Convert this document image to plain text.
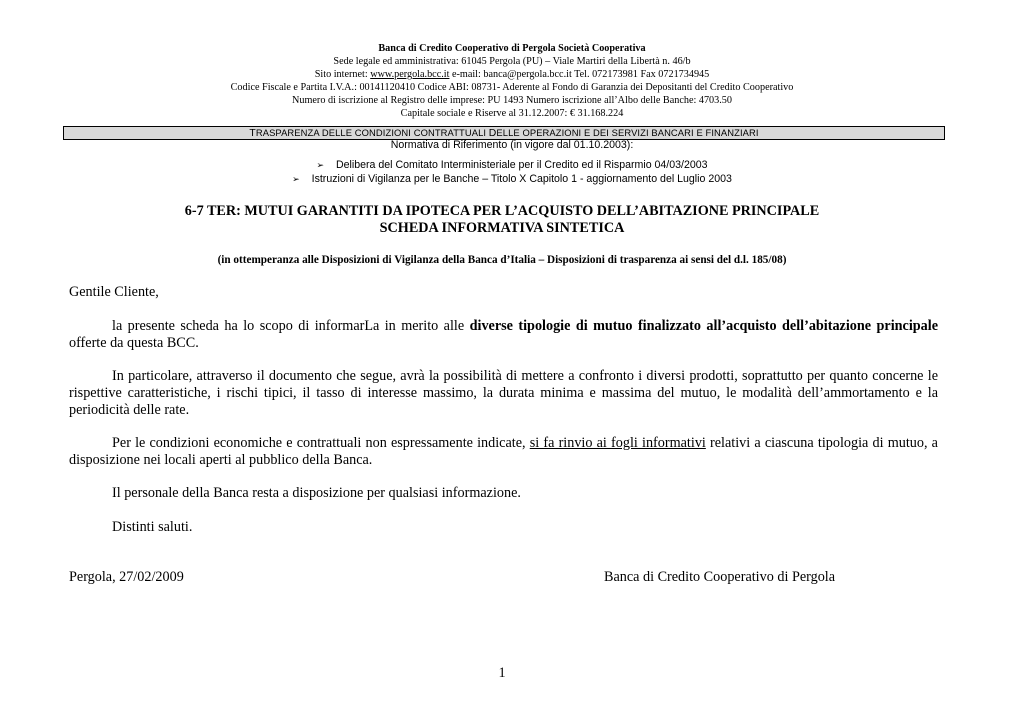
Banca di Credito Cooperativo di Pergola Società Cooperativa
Sede legale ed amministrativa: 61045 Pergola (PU) – Viale Martiri della Libertà n. 46/b
Sito internet: www.pergola.bcc.it e-mail: banca@pergola.bcc.it Tel. 072173981 Fax 0721734945
Codice Fiscale e Partita I.V.A.: 00141120410 Codice ABI: 08731- Aderente al Fondo di Garanzia dei Depositanti del Credito Cooperativo
Numero di iscrizione al Registro delle imprese: PU 1493 Numero iscrizione all’Albo delle Banche: 4703.50
Capitale sociale e Riserve al 31.12.2007: € 31.168.224
TRASPARENZA DELLE CONDIZIONI CONTRATTUALI DELLE OPERAZIONI E DEI SERVIZI BANCARI E FINANZIARI
Normativa di Riferimento (in vigore dal 01.10.2003):
➢ Delibera del Comitato Interministeriale per il Credito ed il Risparmio 04/03/2003
➢ Istruzioni di Vigilanza per le Banche – Titolo X Capitolo 1 - aggiornamento del Luglio 2003
6-7 TER: MUTUI GARANTITI DA IPOTECA PER L’ACQUISTO DELL’ABITAZIONE PRINCIPALE
SCHEDA INFORMATIVA SINTETICA
(in ottemperanza alle Disposizioni di Vigilanza della Banca d’Italia – Disposizioni di trasparenza ai sensi del d.l. 185/08)
Gentile Cliente,

la presente scheda ha lo scopo di informarLa in merito alle diverse tipologie di mutuo finalizzato all’acquisto dell’abitazione principale offerte da questa BCC.

In particolare, attraverso il documento che segue, avrà la possibilità di mettere a confronto i diversi prodotti, soprattutto per quanto concerne le rispettive caratteristiche, i rischi tipici, il tasso di interesse massimo, la durata minima e massima del mutuo, le modalità dell’ammortamento e la periodicità delle rate.

Per le condizioni economiche e contrattuali non espressamente indicate, si fa rinvio ai fogli informativi relativi a ciascuna tipologia di mutuo, a disposizione nei locali aperti al pubblico della Banca.

Il personale della Banca resta a disposizione per qualsiasi informazione.

Distinti saluti.

Pergola, 27/02/2009	Banca di Credito Cooperativo di Pergola
1
